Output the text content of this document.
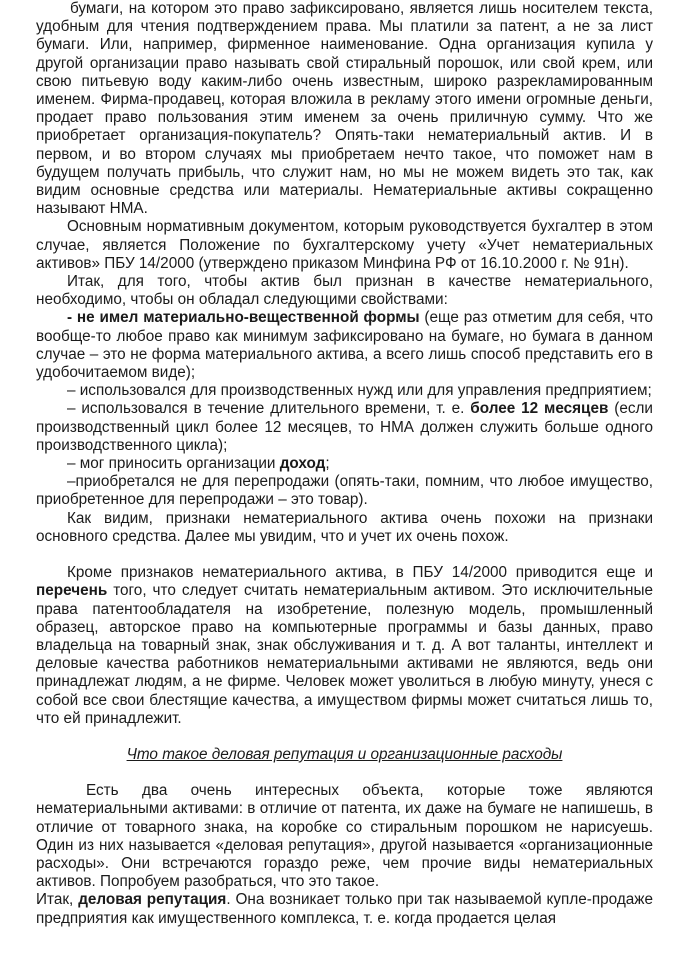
бумаги, на котором это право зафиксировано, является лишь носителем текста, удобным для чтения подтверждением права. Мы платили за патент, а не за лист бумаги. Или, например, фирменное наименование. Одна организация купила у другой организации право называть свой стиральный порошок, или свой крем, или свою питьевую воду каким-либо очень известным, широко разрекламированным именем. Фирма-продавец, которая вложила в рекламу этого имени огромные деньги, продает право пользования этим именем за очень приличную сумму. Что же приобретает организация-покупатель? Опять-таки нематериальный актив. И в первом, и во втором случаях мы приобретаем нечто такое, что поможет нам в будущем получать прибыль, что служит нам, но мы не можем видеть это так, как видим основные средства или материалы. Нематериальные активы сокращенно называют НМА.

Основным нормативным документом, которым руководствуется бухгалтер в этом случае, является Положение по бухгалтерскому учету «Учет нематериальных активов» ПБУ 14/2000 (утверждено приказом Минфина РФ от 16.10.2000 г. № 91н).

Итак, для того, чтобы актив был признан в качестве нематериального, необходимо, чтобы он обладал следующими свойствами:

- не имел материально-вещественной формы (еще раз отметим для себя, что вообще-то любое право как минимум зафиксировано на бумаге, но бумага в данном случае – это не форма материального актива, а всего лишь способ представить его в удобочитаемом виде);

– использовался для производственных нужд или для управления предприятием;

– использовался в течение длительного времени, т. е. более 12 месяцев (если производственный цикл более 12 месяцев, то НМА должен служить больше одного производственного цикла);

– мог приносить организации доход;

–приобретался не для перепродажи (опять-таки, помним, что любое имущество, приобретенное для перепродажи – это товар).

Как видим, признаки нематериального актива очень похожи на признаки основного средства. Далее мы увидим, что и учет их очень похож.

Кроме признаков нематериального актива, в ПБУ 14/2000 приводится еще и перечень того, что следует считать нематериальным активом. Это исключительные права патентообладателя на изобретение, полезную модель, промышленный образец, авторское право на компьютерные программы и базы данных, право владельца на товарный знак, знак обслуживания и т. д. А вот таланты, интеллект и деловые качества работников нематериальными активами не являются, ведь они принадлежат людям, а не фирме. Человек может уволиться в любую минуту, унеся с собой все свои блестящие качества, а имуществом фирмы может считаться лишь то, что ей принадлежит.

Что такое деловая репутация и организационные расходы

Есть два очень интересных объекта, которые тоже являются нематериальными активами: в отличие от патента, их даже на бумаге не напишешь, в отличие от товарного знака, на коробке со стиральным порошком не нарисуешь. Один из них называется «деловая репутация», другой называется «организационные расходы». Они встречаются гораздо реже, чем прочие виды нематериальных активов. Попробуем разобраться, что это такое.

Итак, деловая репутация. Она возникает только при так называемой купле-продаже предприятия как имущественного комплекса, т. е. когда продается целая
